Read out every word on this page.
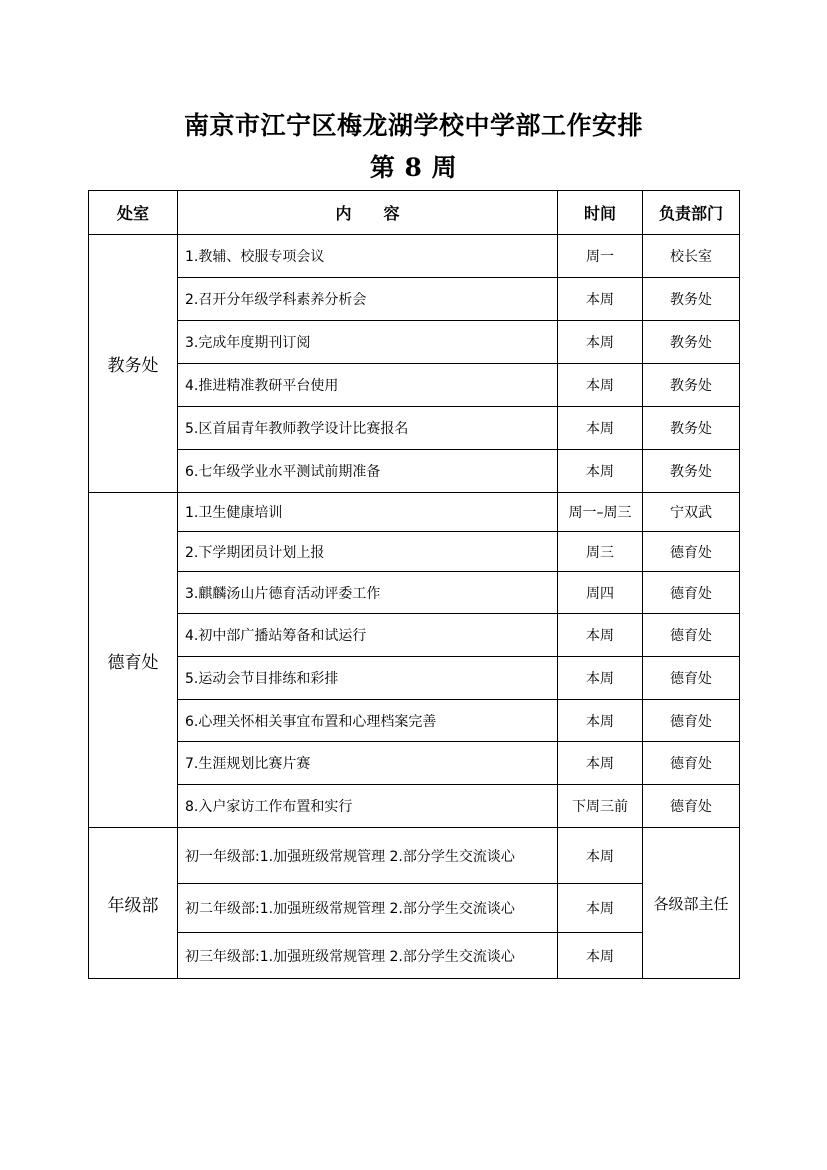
南京市江宁区梅龙湖学校中学部工作安排
第 8 周
处室	内　　容	时间	负责部门
教务处	1.教辅、校服专项会议	周一	校长室
	2.召开分年级学科素养分析会	本周	教务处
	3.完成年度期刊订阅	本周	教务处
	4.推进精准教研平台使用	本周	教务处
	5.区首届青年教师教学设计比赛报名	本周	教务处
	6.七年级学业水平测试前期准备	本周	教务处
德育处	1.卫生健康培训	周一–周三	宁双武
	2.下学期团员计划上报	周三	德育处
	3.麒麟汤山片德育活动评委工作	周四	德育处
	4.初中部广播站筹备和试运行	本周	德育处
	5.运动会节目排练和彩排	本周	德育处
	6.心理关怀相关事宜布置和心理档案完善	本周	德育处
	7.生涯规划比赛片赛	本周	德育处
	8.入户家访工作布置和实行	下周三前	德育处
年级部	初一年级部:1.加强班级常规管理 2.部分学生交流谈心	本周	各级部主任
	初二年级部:1.加强班级常规管理 2.部分学生交流谈心	本周	
	初三年级部:1.加强班级常规管理 2.部分学生交流谈心	本周	
